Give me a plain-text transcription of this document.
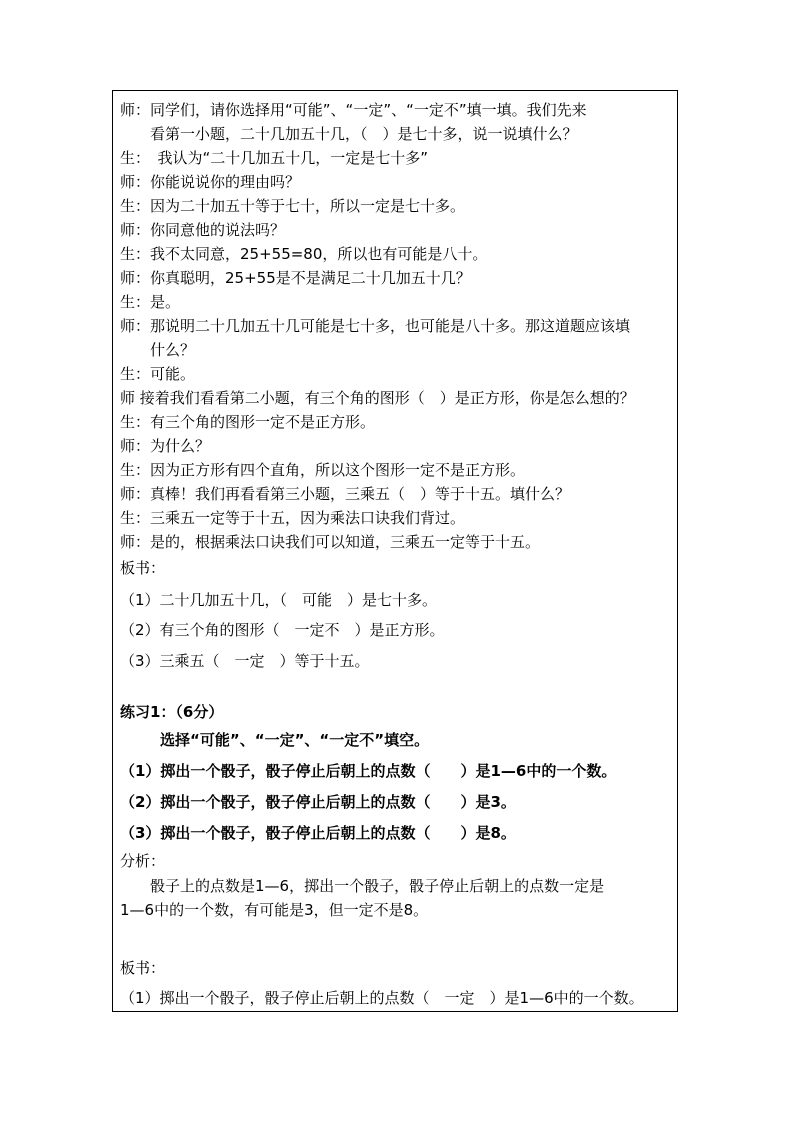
师：同学们，请你选择用“可能”、“一定”、“一定不”填一填。我们先来
看第一小题，二十几加五十几，（　）是七十多，说一说填什么？
生：　我认为“二十几加五十几，一定是七十多”
师：你能说说你的理由吗？
生：因为二十加五十等于七十，所以一定是七十多。
师：你同意他的说法吗？
生：我不太同意，25+55=80，所以也有可能是八十。
师：你真聪明，25+55是不是满足二十几加五十几？
生：是。
师：那说明二十几加五十几可能是七十多，也可能是八十多。那这道题应该填
什么？
生：可能。
师 接着我们看看第二小题，有三个角的图形（　）是正方形，你是怎么想的？
生：有三个角的图形一定不是正方形。
师：为什么？
生：因为正方形有四个直角，所以这个图形一定不是正方形。
师：真棒！我们再看看第三小题，三乘五（　）等于十五。填什么？
生：三乘五一定等于十五，因为乘法口诀我们背过。
师：是的，根据乘法口诀我们可以知道，三乘五一定等于十五。
板书：
（1）二十几加五十几，（　可能　）是七十多。
（2）有三个角的图形（　一定不　）是正方形。
（3）三乘五（　一定　）等于十五。
练习1：（6分）
选择“可能”、“一定”、“一定不”填空。
（1）掷出一个骰子，骰子停止后朝上的点数（　　）是1—6中的一个数。
（2）掷出一个骰子，骰子停止后朝上的点数（　　）是3。
（3）掷出一个骰子，骰子停止后朝上的点数（　　）是8。
分析：
骰子上的点数是1—6，掷出一个骰子，骰子停止后朝上的点数一定是
1—6中的一个数，有可能是3，但一定不是8。
板书：
（1）掷出一个骰子，骰子停止后朝上的点数（　一定　）是1—6中的一个数。
